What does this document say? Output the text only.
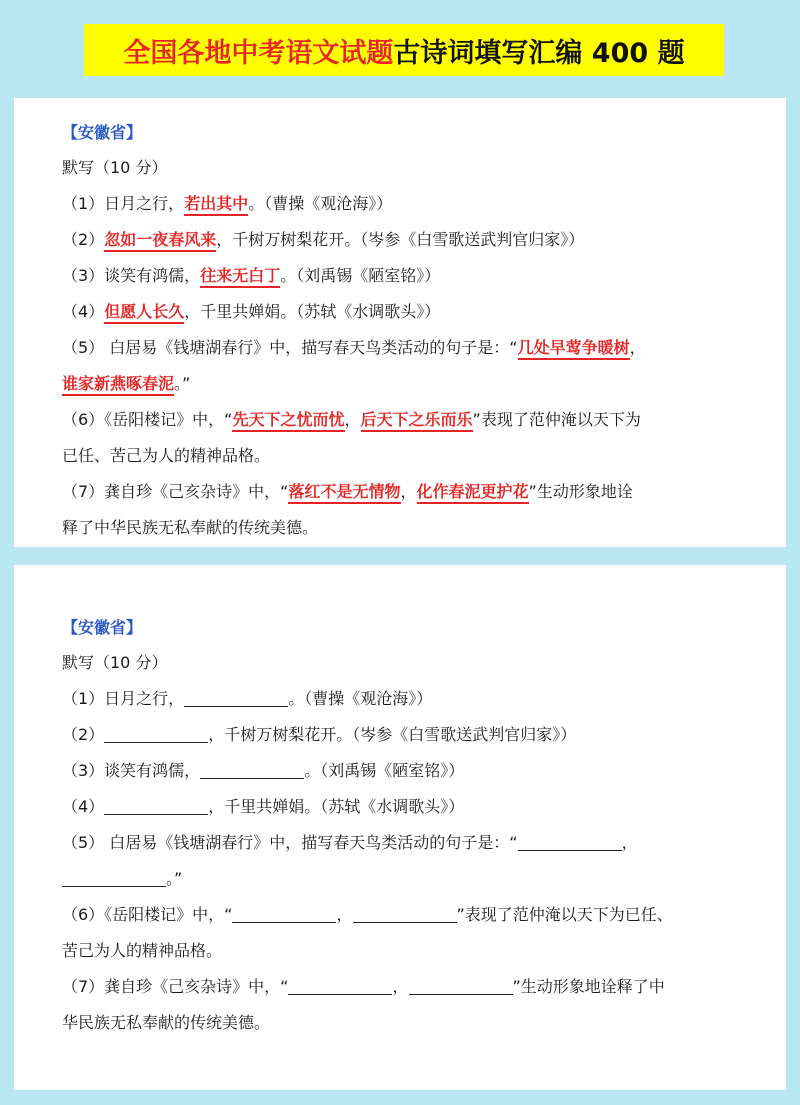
全国各地中考语文试题 古诗词填写汇编 400 题
【安徽省】
默写（10 分）
（1）日月之行，若出其中。（曹操《观沧海》）
（2）忽如一夜春风来，千树万树梨花开。（岑参《白雪歌送武判官归家》）
（3）谈笑有鸿儒，往来无白丁。（刘禹锡《陋室铭》）
（4）但愿人长久，千里共婵娟。（苏轼《水调歌头》）
（5） 白居易《钱塘湖春行》中，描写春天鸟类活动的句子是：“几处早莺争暖树，
谁家新燕啄春泥。”
（6）《岳阳楼记》中，“先天下之忧而忧，后天下之乐而乐”表现了范仲淹以天下为
已任、苦己为人的精神品格。
（7）龚自珍《己亥杂诗》中，“落红不是无情物，化作春泥更护花”生动形象地诠
释了中华民族无私奉献的传统美德。
【安徽省】
默写（10 分）
（1）日月之行，	。（曹操《观沧海》）
（2）	，千树万树梨花开。（岑参《白雪歌送武判官归家》）
（3）谈笑有鸿儒，	。（刘禹锡《陋室铭》）
（4）	，千里共婵娟。（苏轼《水调歌头》）
（5） 白居易《钱塘湖春行》中，描写春天鸟类活动的句子是：“	，
。”
（6）《岳阳楼记》中，“	，	”表现了范仲淹以天下为已任、
苦己为人的精神品格。
（7）龚自珍《己亥杂诗》中，“	，	”生动形象地诠释了中
华民族无私奉献的传统美德。
